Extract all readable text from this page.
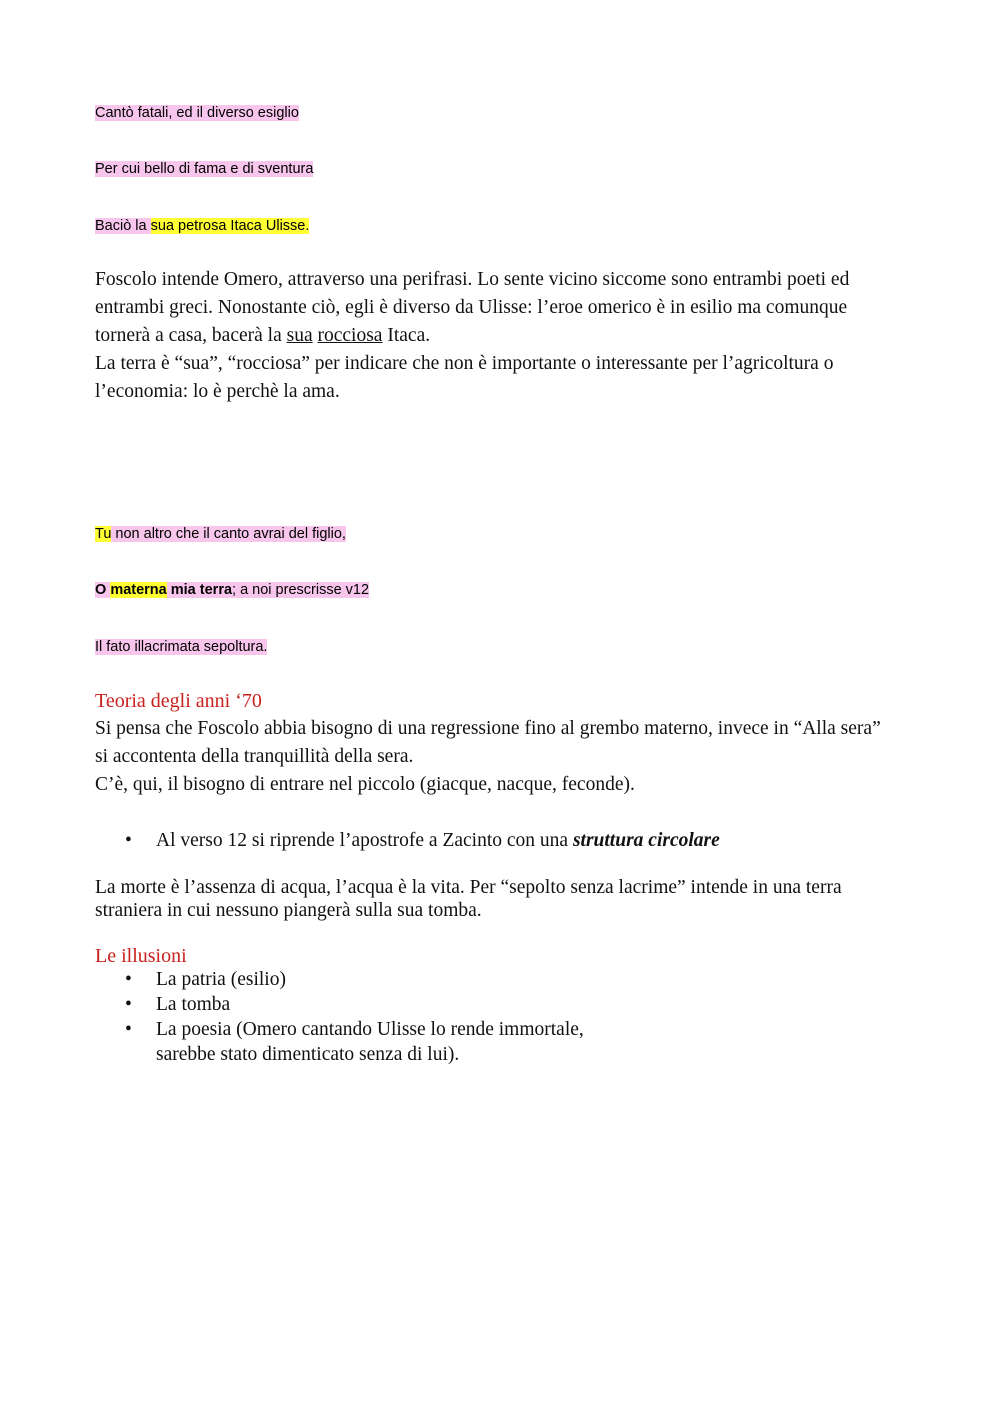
Cantò fatali, ed il diverso esiglio
Per cui bello di fama e di sventura
Baciò la sua petrosa Itaca Ulisse.
Foscolo intende Omero, attraverso una perifrasi. Lo sente vicino siccome sono entrambi poeti ed entrambi greci. Nonostante ciò, egli è diverso da Ulisse: l’eroe omerico è in esilio ma comunque tornerà a casa, bacerà la sua rocciosa Itaca.
La terra è “sua”, “rocciosa” per indicare che non è importante o interessante per l’agricoltura o l’economia: lo è perchè la ama.
Tu non altro che il canto avrai del figlio,
O materna mia terra; a noi prescrisse v12
Il fato illacrimata sepoltura.
Teoria degli anni ‘70
Si pensa che Foscolo abbia bisogno di una regressione fino al grembo materno, invece in “Alla sera” si accontenta della tranquillità della sera.
C’è, qui, il bisogno di entrare nel piccolo (giacque, nacque, feconde).
• Al verso 12 si riprende l’apostrofe a Zacinto con una struttura circolare
La morte è l’assenza di acqua, l’acqua è la vita. Per “sepolto senza lacrime” intende in una terra straniera in cui nessuno piangerà sulla sua tomba.
Le illusioni
• La patria (esilio)
• La tomba
• La poesia (Omero cantando Ulisse lo rende immortale, sarebbe stato dimenticato senza di lui).
